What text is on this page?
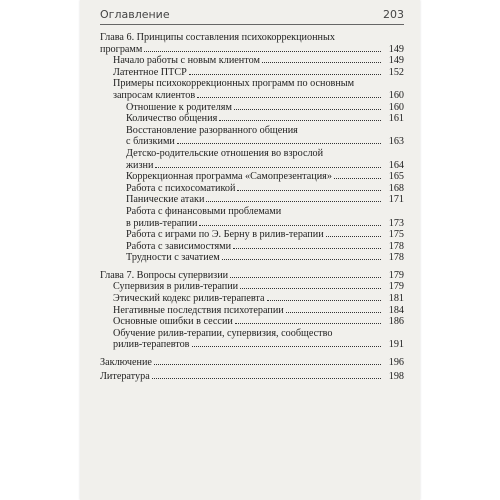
Оглавление	203
Глава 6. Принципы составления психокоррекционных
программ	149
Начало работы с новым клиентом	149
Латентное ПТСР	152
Примеры психокоррекционных программ по основным
запросам клиентов	160
Отношение к родителям	160
Количество общения	161
Восстановление разорванного общения
с близкими	163
Детско-родительские отношения во взрослой
жизни	164
Коррекционная программа «Самопрезентация»	165
Работа с психосоматикой	168
Панические атаки	171
Работа с финансовыми проблемами
в рилив-терапии	173
Работа с играми по Э. Берну в рилив-терапии	175
Работа с зависимостями	178
Трудности с зачатием	178
Глава 7. Вопросы супервизии	179
Супервизия в рилив-терапии	179
Этический кодекс рилив-терапевта	181
Негативные последствия психотерапии	184
Основные ошибки в сессии	186
Обучение рилив-терапии, супервизия, сообщество
рилив-терапевтов	191
Заключение	196
Литература	198
